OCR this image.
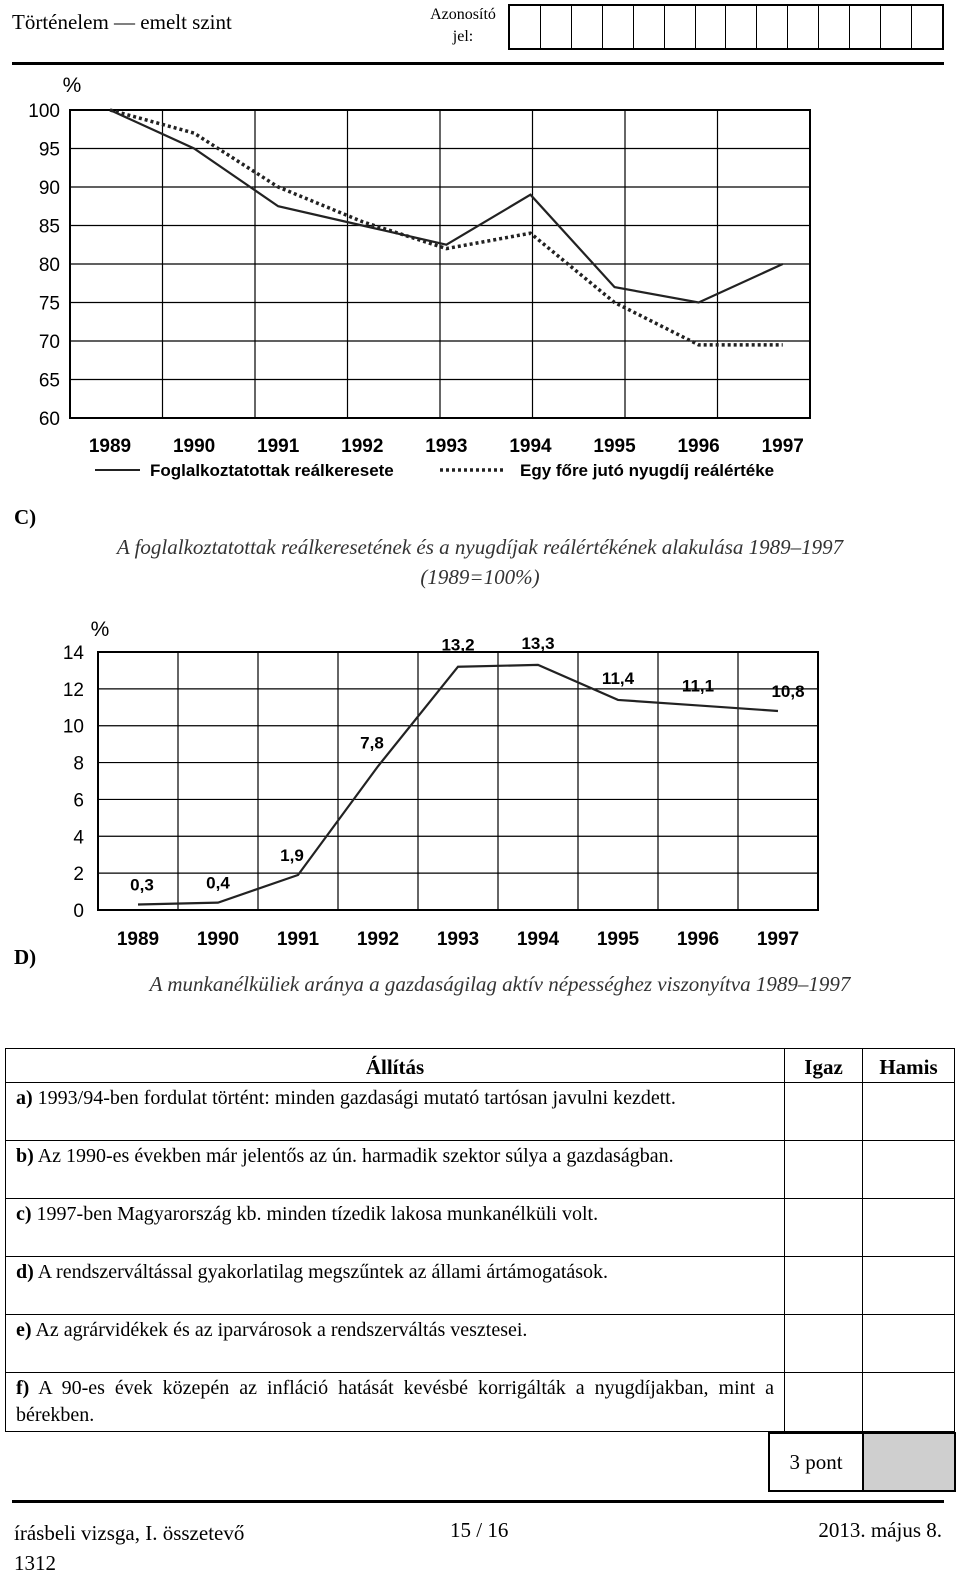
Történelem — emelt szint	Azonosító
jel:
100
95
90
85
80
75
70
65
60
%
1989 1990 1991 1992 1993 1994 1995 1996 1997
Foglalkoztatottak reálkeresete	Egy főre jutó nyugdíj reálértéke
C)
A foglalkoztatottak reálkeresetének és a nyugdíjak reálértékének alakulása 1989–1997
(1989=100%)
14
12
10
8
6
4
2
0
%
1989 1990 1991 1992 1993 1994 1995 1996 1997
0,3	0,4
1,9
7,8
13,2	13,3
11,4	11,1	10,8
D)
A munkanélküliek aránya a gazdaságilag aktív népességhez viszonyítva 1989–1997
Állítás	Igaz	Hamis
a) 1993/94-ben fordulat történt: minden gazdasági mutató tartósan javulni kezdett.		
b) Az 1990-es években már jelentős az ún. harmadik szektor súlya a gazdaságban.		
c) 1997-ben Magyarország kb. minden tízedik lakosa munkanélküli volt.		
d) A rendszerváltással gyakorlatilag megszűntek az állami ártámogatások.		
e) Az agrárvidékek és az iparvárosok a rendszerváltás vesztesei.		
f) A 90-es évek közepén az infláció hatását kevésbé korrigálták a nyugdíjakban, mint a bérekben.		
3 pont
írásbeli vizsga, I. összetevő
1312
15 / 16	2013. május 8.
